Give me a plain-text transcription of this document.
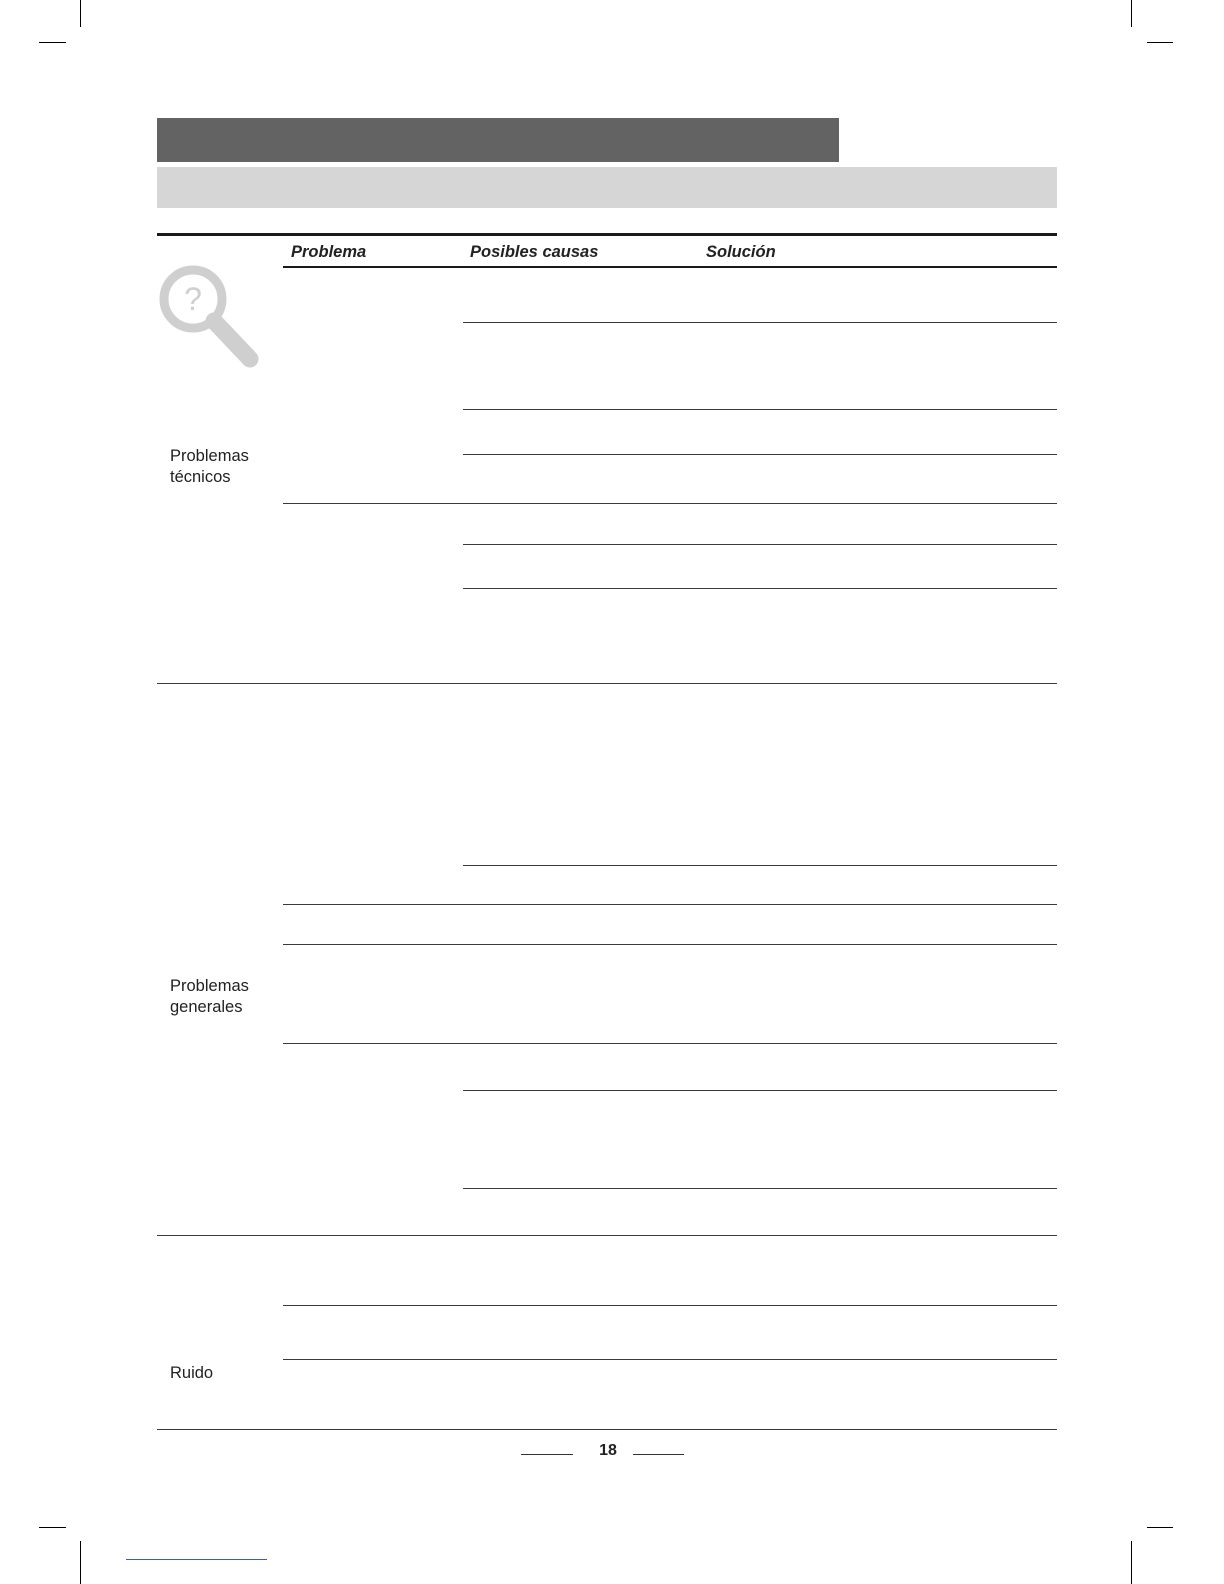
Problema	Posibles causas	Solución
?
Problemas
técnicos
Problemas
generales
Ruido
18
